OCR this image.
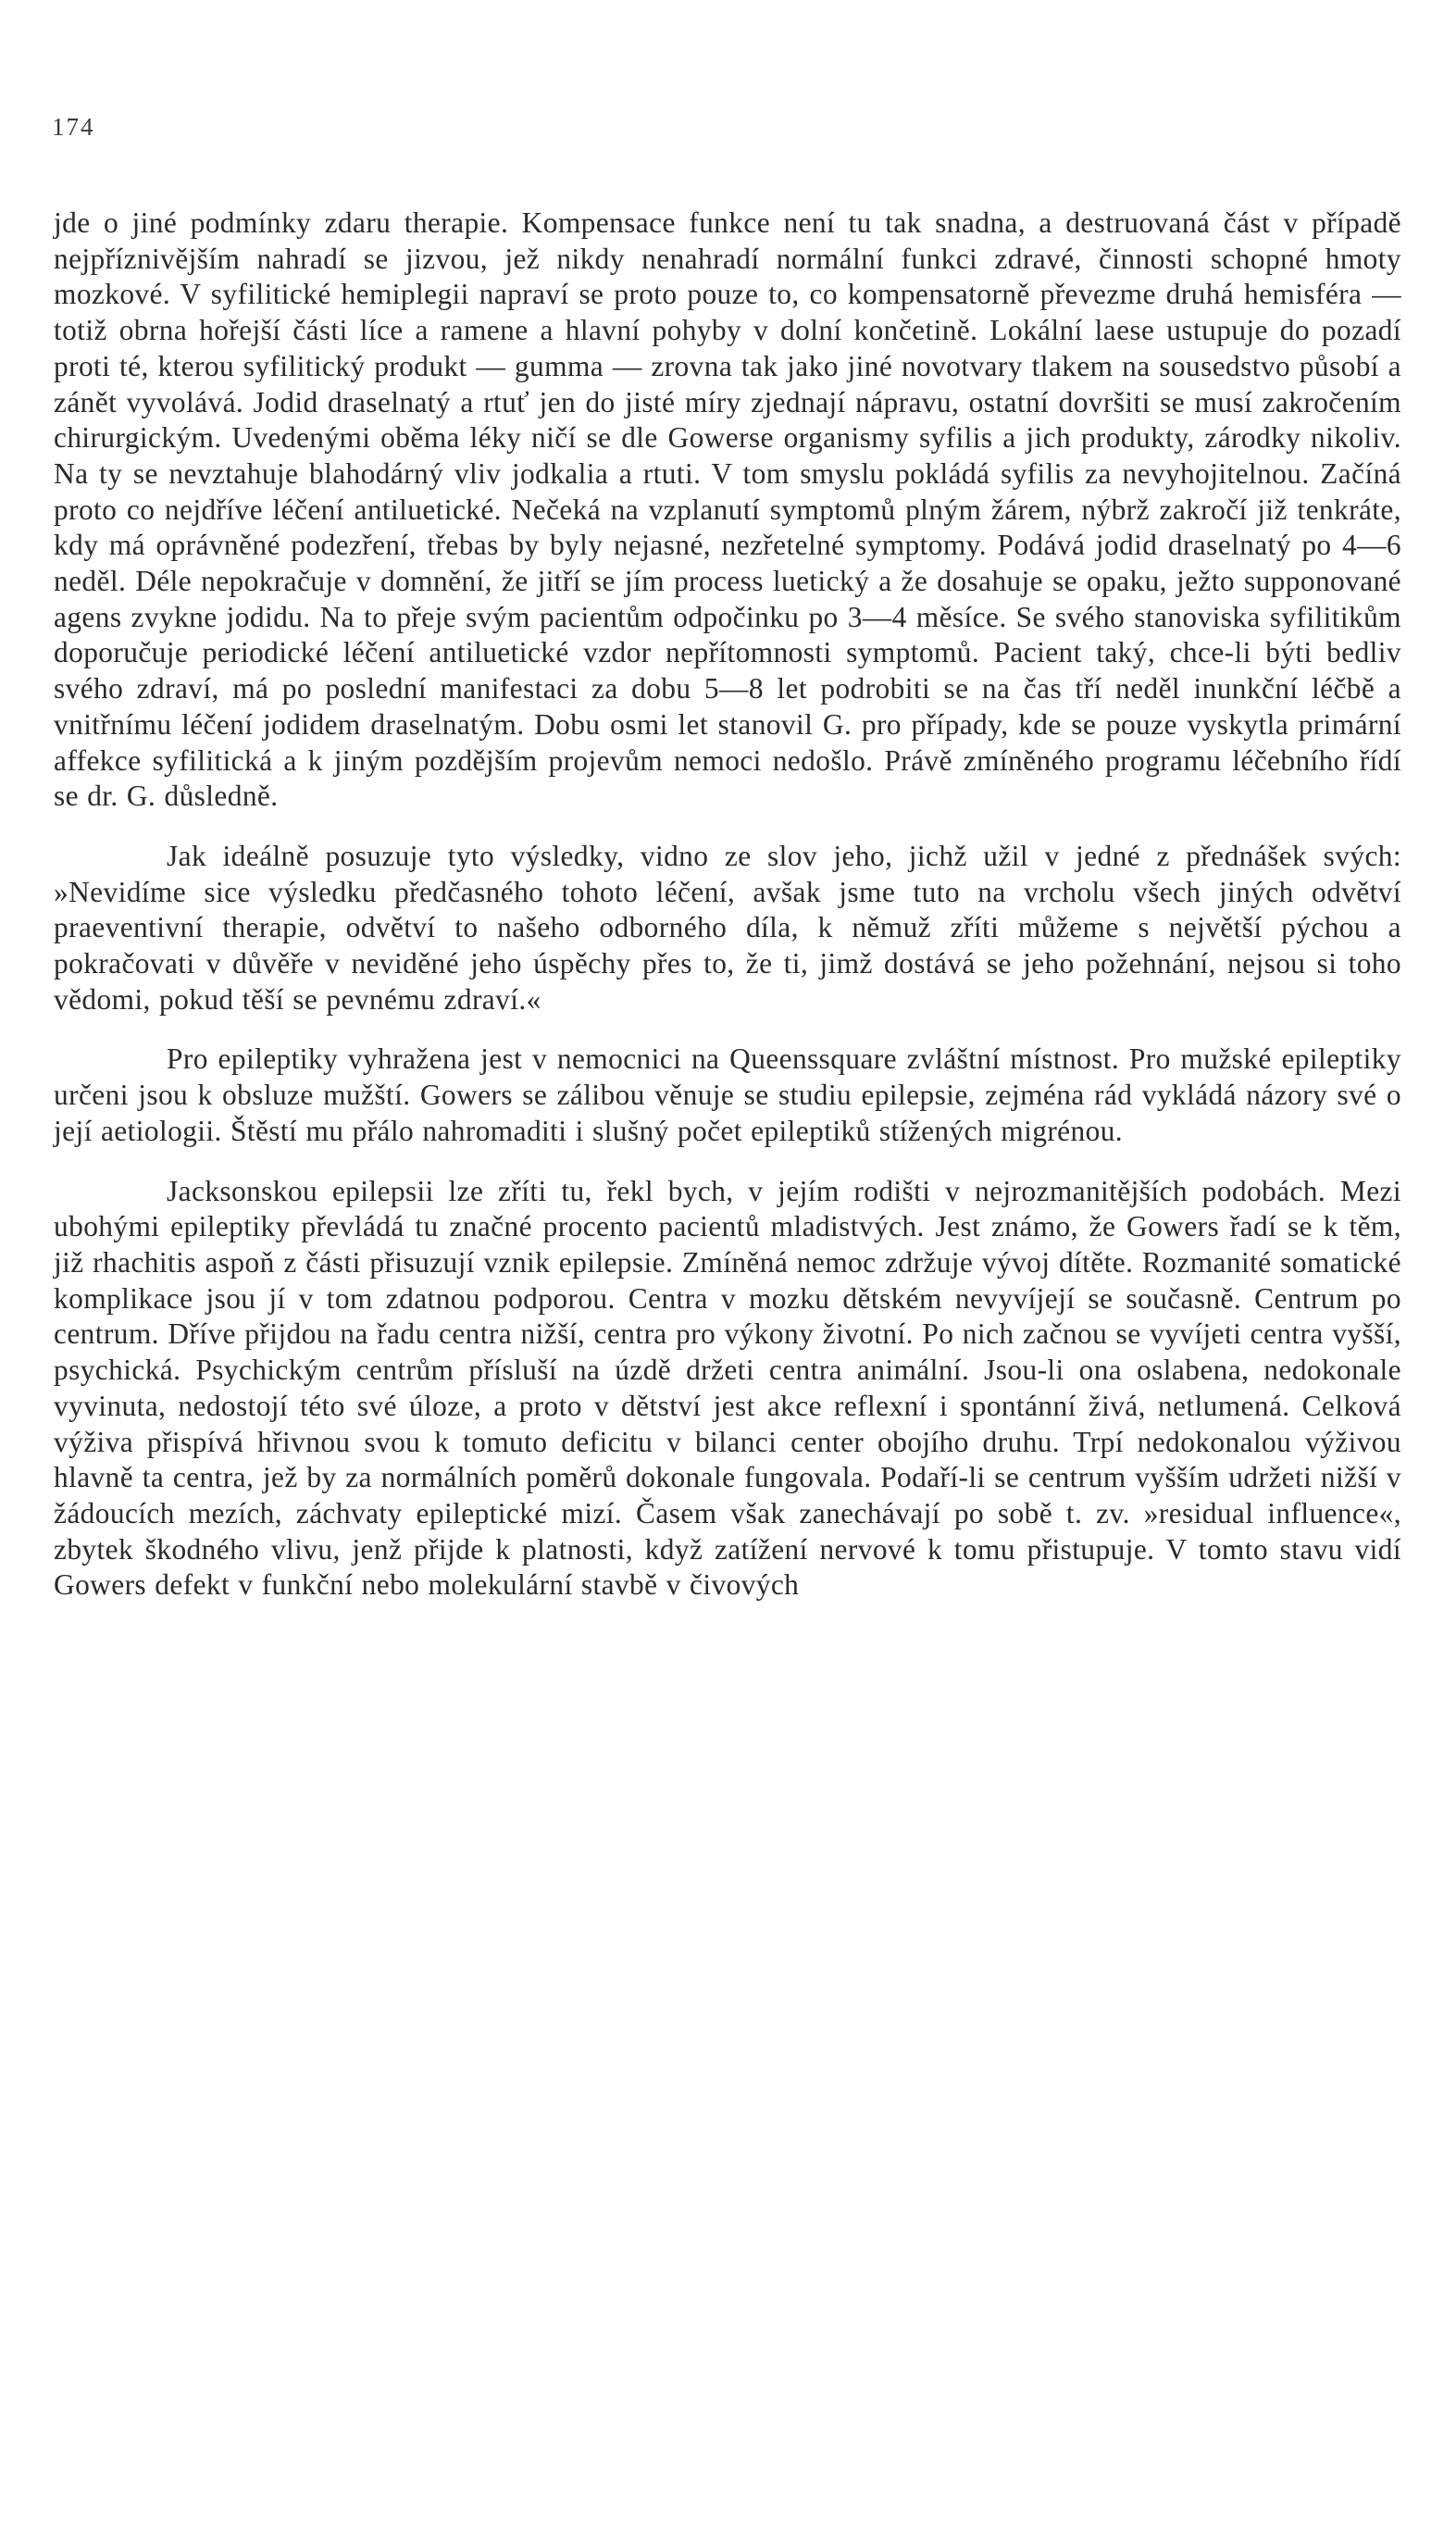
174

jde o jiné podmínky zdaru therapie. Kompensace funkce není tu tak snadna, a destruovaná část v případě nejpříznivějším nahradí se jizvou, jež nikdy nenahradí normální funkci zdravé, činnosti schopné hmoty mozkové. V syfilitické hemiplegii napraví se proto pouze to, co kompensatorně převezme druhá hemisféra — totiž obrna hořejší části líce a ramene a hlavní pohyby v dolní končetině. Lokální laese ustupuje do pozadí proti té, kterou syfilitický produkt — gumma — zrovna tak jako jiné novotvary tlakem na sousedstvo působí a zánět vyvolává. Jodid draselnatý a rtuť jen do jisté míry zjednají nápravu, ostatní dovršiti se musí zakročením chirurgickým. Uvedenými oběma léky ničí se dle Gowerse organismy syfilis a jich produkty, zárodky nikoliv. Na ty se nevztahuje blahodárný vliv jodkalia a rtuti. V tom smyslu pokládá syfilis za nevyhojitelnou. Začíná proto co nejdříve léčení antiluetické. Nečeká na vzplanutí symptomů plným žárem, nýbrž zakročí již tenkráte, kdy má oprávněné podezření, třebas by byly nejasné, nezřetelné symptomy. Podává jodid draselnatý po 4—6 neděl. Déle nepokračuje v domnění, že jitří se jím process luetický a že dosahuje se opaku, ježto supponované agens zvykne jodidu. Na to přeje svým pacientům odpočinku po 3—4 měsíce. Se svého stanoviska syfilitikům doporučuje periodické léčení antiluetické vzdor nepřítomnosti symptomů. Pacient taký, chce-li býti bedliv svého zdraví, má po poslední manifestaci za dobu 5—8 let podrobiti se na čas tří neděl inunkční léčbě a vnitřnímu léčení jodidem draselnatým. Dobu osmi let stanovil G. pro případy, kde se pouze vyskytla primární affekce syfilitická a k jiným pozdějším projevům nemoci nedošlo. Právě zmíněného programu léčebního řídí se dr. G. důsledně.

Jak ideálně posuzuje tyto výsledky, vidno ze slov jeho, jichž užil v jedné z přednášek svých: »Nevidíme sice výsledku předčasného tohoto léčení, avšak jsme tuto na vrcholu všech jiných odvětví praeventivní therapie, odvětví to našeho odborného díla, k němuž zříti můžeme s největší pýchou a pokračovati v důvěře v neviděné jeho úspěchy přes to, že ti, jimž dostává se jeho požehnání, nejsou si toho vědomi, pokud těší se pevnému zdraví.«

Pro epileptiky vyhražena jest v nemocnici na Queenssquare zvláštní místnost. Pro mužské epileptiky určeni jsou k obsluze mužští. Gowers se zálibou věnuje se studiu epilepsie, zejména rád vykládá názory své o její aetiologii. Štěstí mu přálo nahromaditi i slušný počet epileptiků stížených migrénou.

Jacksonskou epilepsii lze zříti tu, řekl bych, v jejím rodišti v nejrozmanitějších podobách. Mezi ubohými epileptiky převládá tu značné procento pacientů mladistvých. Jest známo, že Gowers řadí se k těm, již rhachitis aspoň z části přisuzují vznik epilepsie. Zmíněná nemoc zdržuje vývoj dítěte. Rozmanité somatické komplikace jsou jí v tom zdatnou podporou. Centra v mozku dětském nevyvíjejí se současně. Centrum po centrum. Dříve přijdou na řadu centra nižší, centra pro výkony životní. Po nich začnou se vyvíjeti centra vyšší, psychická. Psychickým centrům přísluší na úzdě držeti centra animální. Jsou-li ona oslabena, nedokonale vyvinuta, nedostojí této své úloze, a proto v dětství jest akce reflexní i spontánní živá, netlumená. Celková výživa přispívá hřivnou svou k tomuto deficitu v bilanci center obojího druhu. Trpí nedokonalou výživou hlavně ta centra, jež by za normálních poměrů dokonale fungovala. Podaří-li se centrum vyšším udržeti nižší v žádoucích mezích, záchvaty epileptické mizí. Časem však zanechávají po sobě t. zv. »residual influence«, zbytek škodného vlivu, jenž přijde k platnosti, když zatížení nervové k tomu přistupuje. V tomto stavu vidí Gowers defekt v funkční nebo molekulární stavbě v čivových
